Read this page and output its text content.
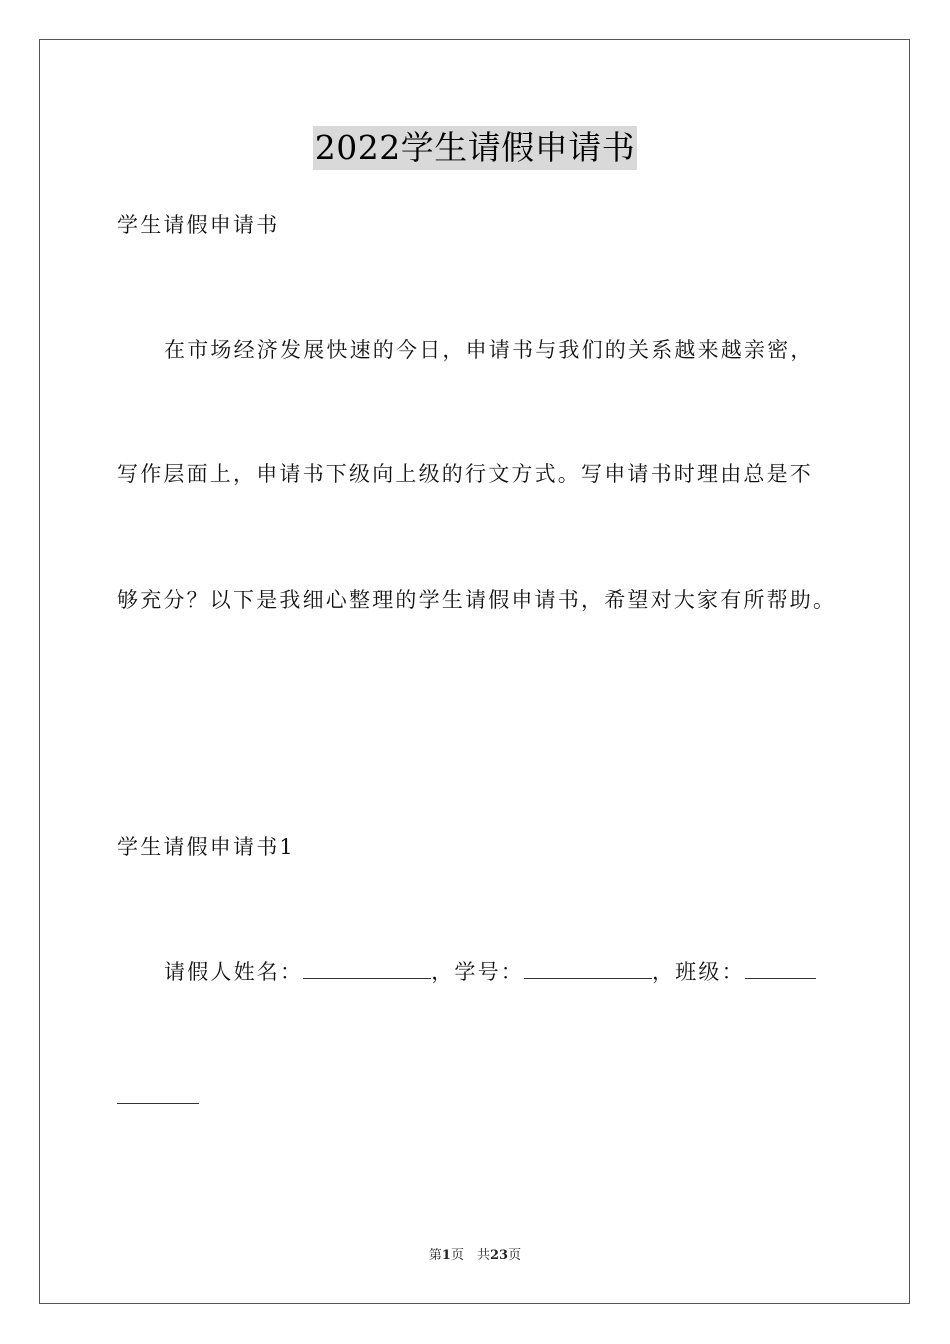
2022学生请假申请书
学生请假申请书
在市场经济发展快速的今日，申请书与我们的关系越来越亲密，
写作层面上，申请书下级向上级的行文方式。写申请书时理由总是不
够充分？以下是我细心整理的学生请假申请书，希望对大家有所帮助。
学生请假申请书1
请假人姓名：	，学号：	，班级：
第1页　共23页
